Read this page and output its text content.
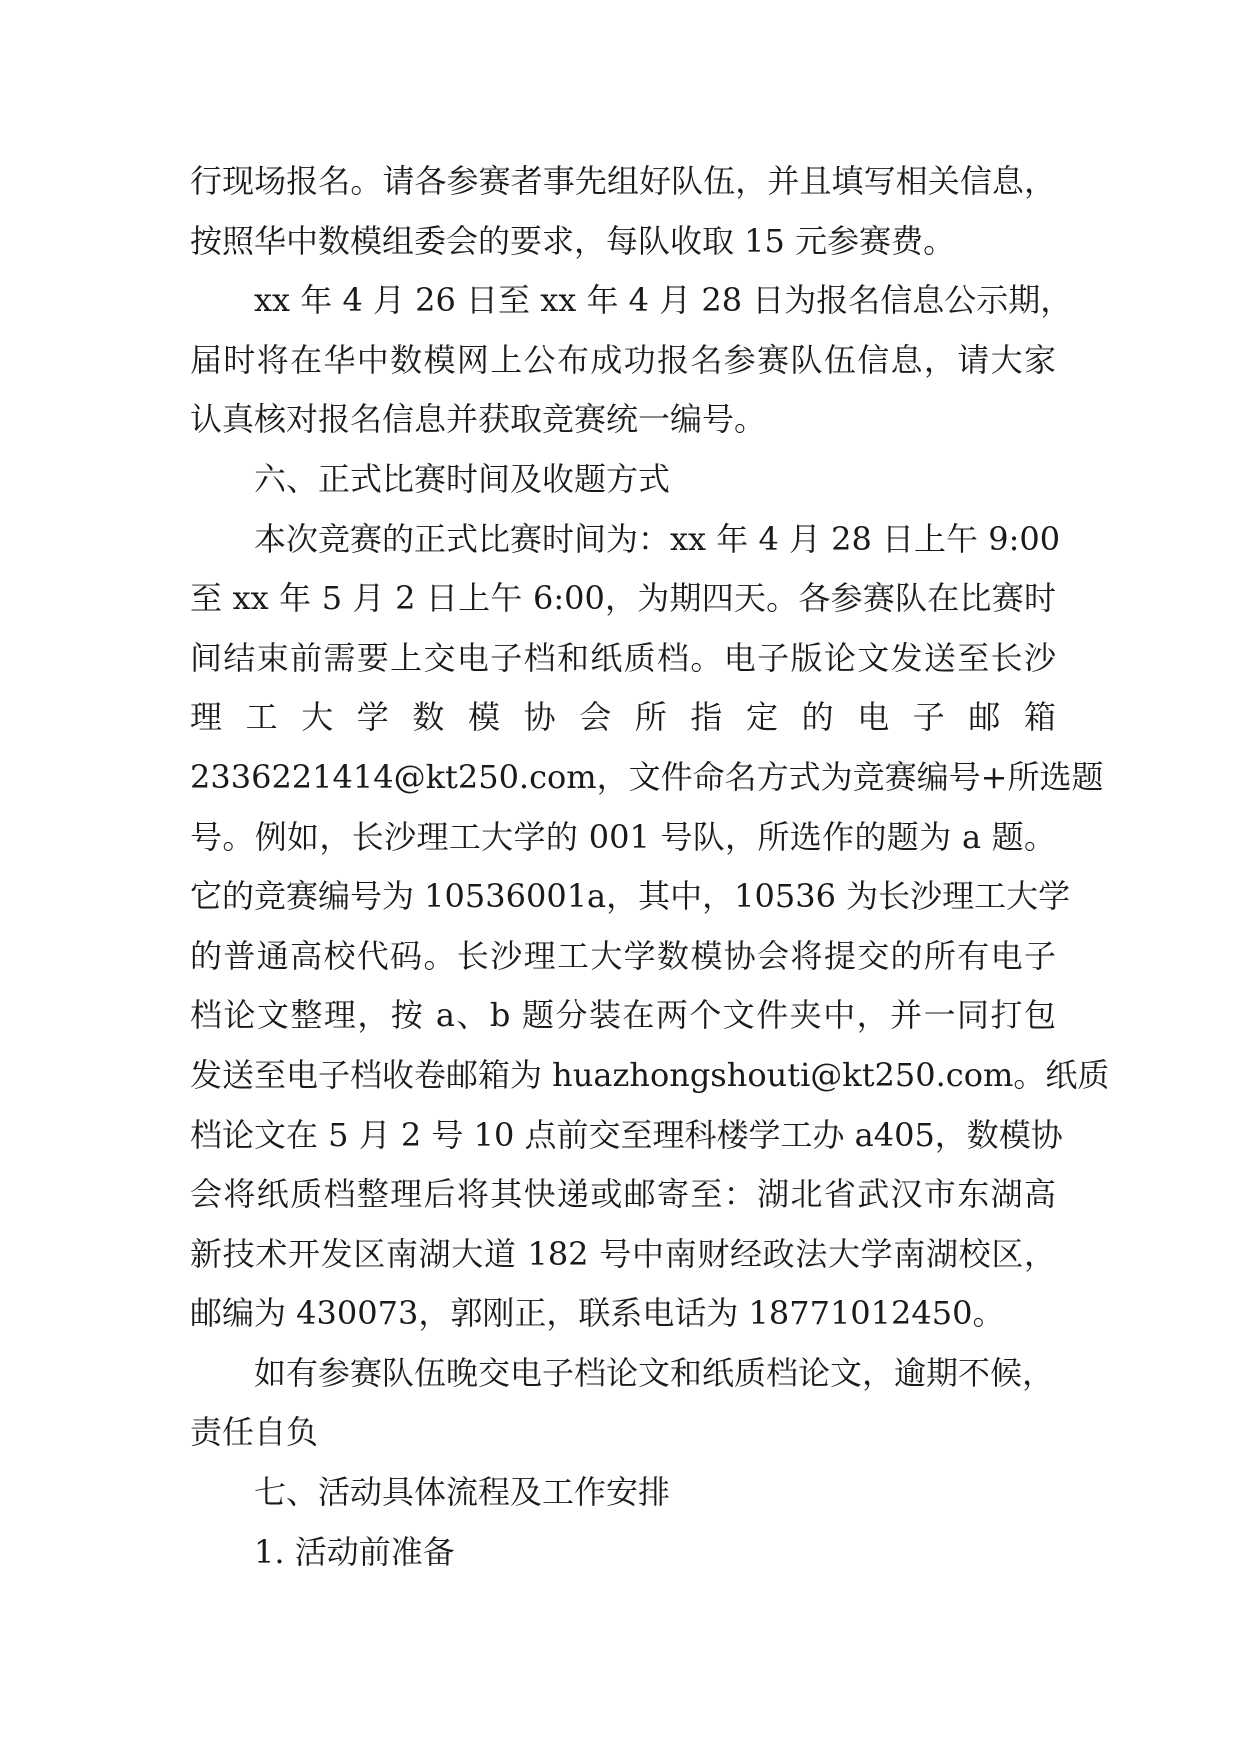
行现场报名。请各参赛者事先组好队伍，并且填写相关信息，
按照华中数模组委会的要求，每队收取 15 元参赛费。

xx 年 4 月 26 日至 xx 年 4 月 28 日为报名信息公示期，
届时将在华中数模网上公布成功报名参赛队伍信息，请大家
认真核对报名信息并获取竞赛统一编号。

六、正式比赛时间及收题方式

本次竞赛的正式比赛时间为：xx 年 4 月 28 日上午 9:00
至 xx 年 5 月 2 日上午 6:00，为期四天。各参赛队在比赛时
间结束前需要上交电子档和纸质档。电子版论文发送至长沙
理 工 大 学 数 模 协 会 所 指 定 的 电 子 邮 箱
2336221414@kt250.com，文件命名方式为竞赛编号+所选题
号。例如，长沙理工大学的 001 号队，所选作的题为 a 题。
它的竞赛编号为 10536001a，其中，10536 为长沙理工大学
的普通高校代码。长沙理工大学数模协会将提交的所有电子
档论文整理，按 a、b 题分装在两个文件夹中，并一同打包
发送至电子档收卷邮箱为 huazhongshouti@kt250.com。纸质
档论文在 5 月 2 号 10 点前交至理科楼学工办 a405，数模协
会将纸质档整理后将其快递或邮寄至：湖北省武汉市东湖高
新技术开发区南湖大道 182 号中南财经政法大学南湖校区，
邮编为 430073，郭刚正，联系电话为 18771012450。

如有参赛队伍晚交电子档论文和纸质档论文，逾期不候，
责任自负

七、活动具体流程及工作安排

1. 活动前准备
